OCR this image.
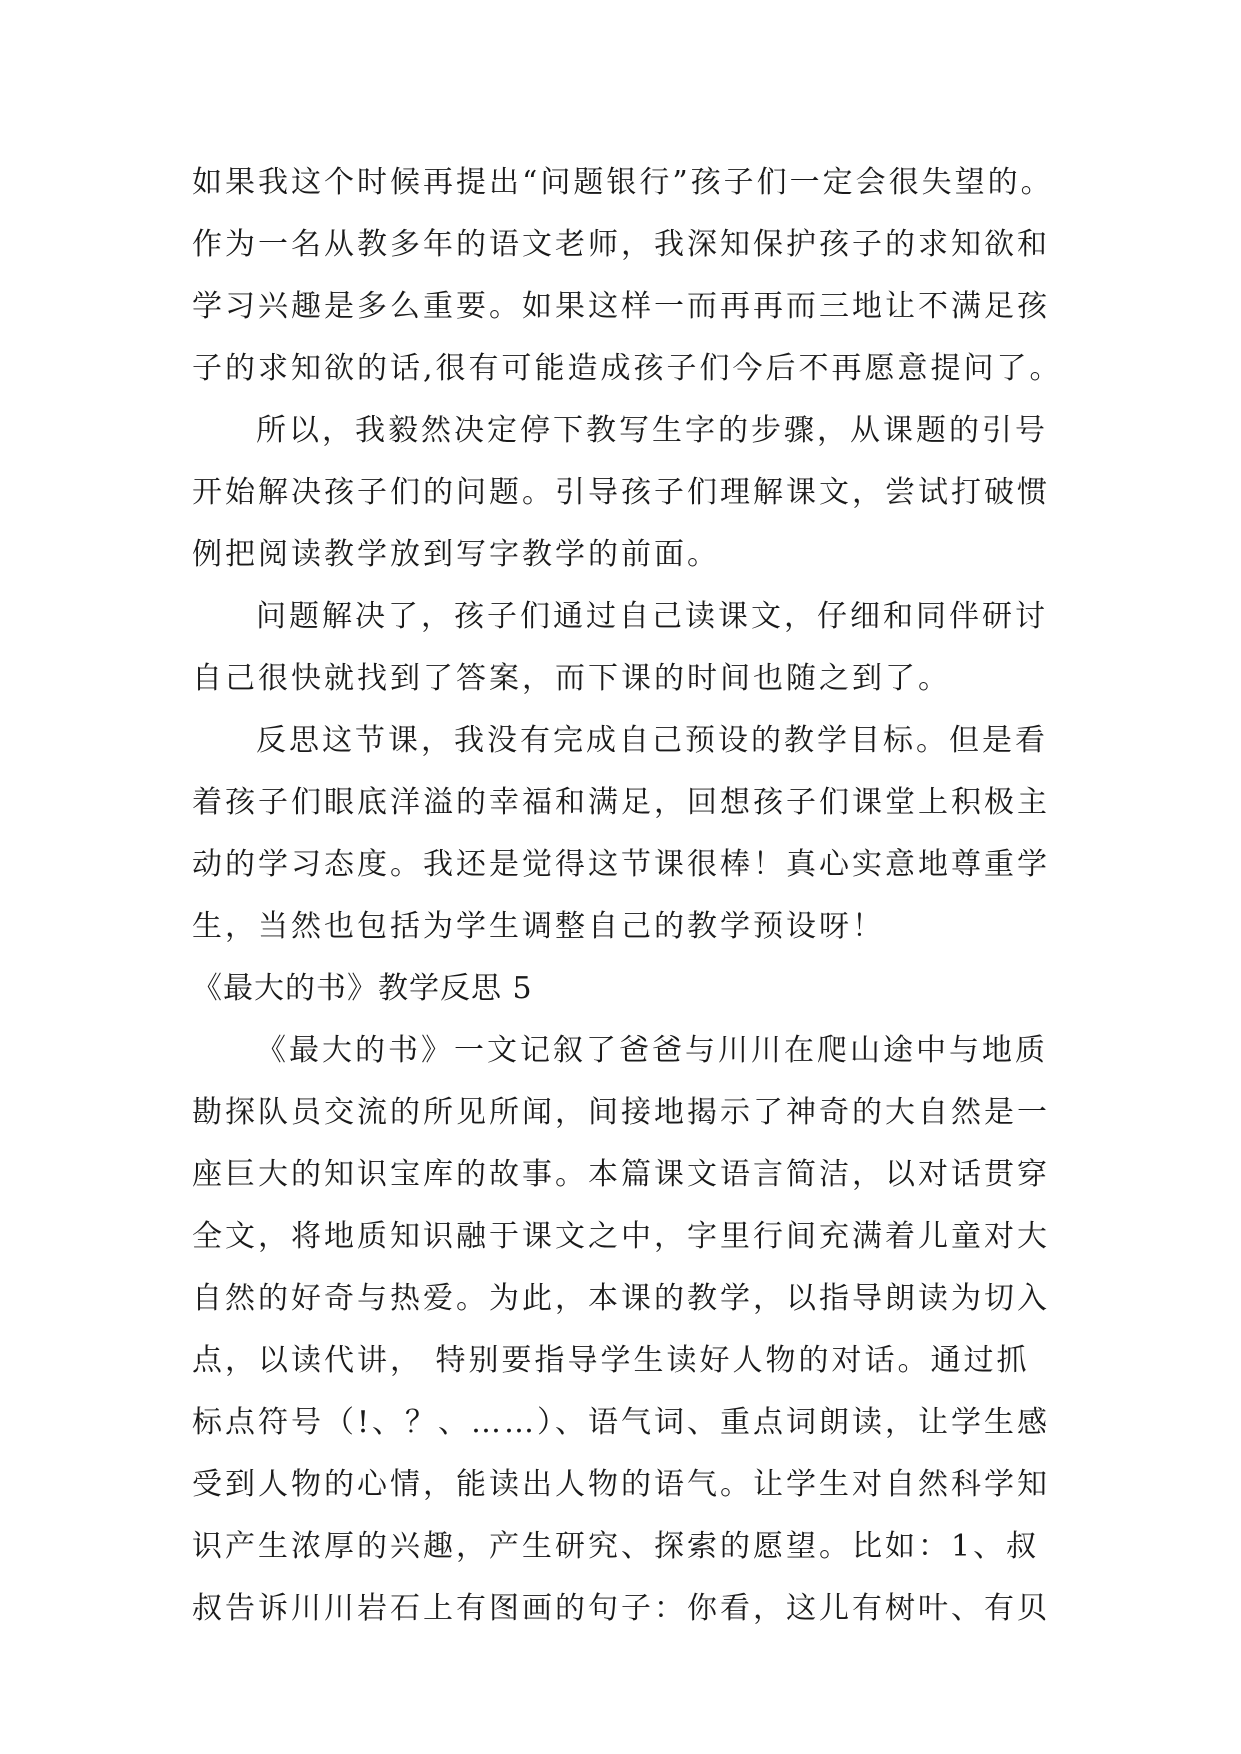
如果我这个时候再提出“问题银行”孩子们一定会很失望的。
作为一名从教多年的语文老师，我深知保护孩子的求知欲和
学习兴趣是多么重要。如果这样一而再再而三地让不满足孩
子的求知欲的话,很有可能造成孩子们今后不再愿意提问了。
所以，我毅然决定停下教写生字的步骤，从课题的引号
开始解决孩子们的问题。引导孩子们理解课文，尝试打破惯
例把阅读教学放到写字教学的前面。
问题解决了，孩子们通过自己读课文，仔细和同伴研讨
自己很快就找到了答案，而下课的时间也随之到了。
反思这节课，我没有完成自己预设的教学目标。但是看
着孩子们眼底洋溢的幸福和满足，回想孩子们课堂上积极主
动的学习态度。我还是觉得这节课很棒！真心实意地尊重学
生，当然也包括为学生调整自己的教学预设呀！
《最大的书》教学反思 5
《最大的书》一文记叙了爸爸与川川在爬山途中与地质
勘探队员交流的所见所闻，间接地揭示了神奇的大自然是一
座巨大的知识宝库的故事。本篇课文语言简洁，以对话贯穿
全文，将地质知识融于课文之中，字里行间充满着儿童对大
自然的好奇与热爱。为此，本课的教学，以指导朗读为切入
点，以读代讲， 特别要指导学生读好人物的对话。通过抓
标点符号（!、？、……）、语气词、重点词朗读，让学生感
受到人物的心情，能读出人物的语气。让学生对自然科学知
识产生浓厚的兴趣，产生研究、探索的愿望。比如：1、叔
叔告诉川川岩石上有图画的句子：你看，这儿有树叶、有贝
